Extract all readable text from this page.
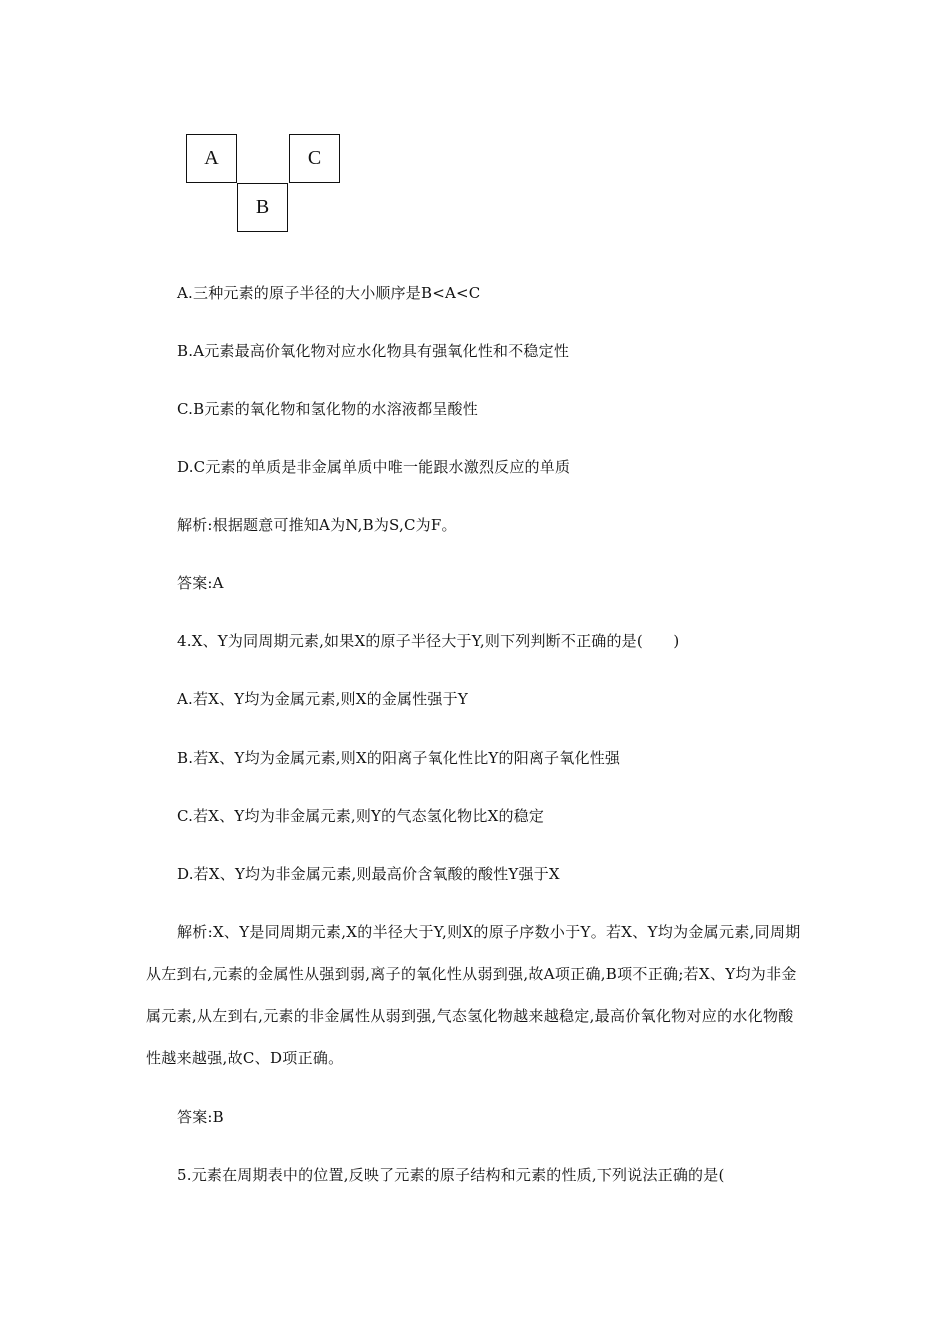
A	C
B
A.三种元素的原子半径的大小顺序是B<A<C
B.A元素最高价氧化物对应水化物具有强氧化性和不稳定性
C.B元素的氧化物和氢化物的水溶液都呈酸性
D.C元素的单质是非金属单质中唯一能跟水激烈反应的单质
解析:根据题意可推知A为N,B为S,C为F。
答案:A
4.X、Y为同周期元素,如果X的原子半径大于Y,则下列判断不正确的是(　　)
A.若X、Y均为金属元素,则X的金属性强于Y
B.若X、Y均为金属元素,则X的阳离子氧化性比Y的阳离子氧化性强
C.若X、Y均为非金属元素,则Y的气态氢化物比X的稳定
D.若X、Y均为非金属元素,则最高价含氧酸的酸性Y强于X
解析:X、Y是同周期元素,X的半径大于Y,则X的原子序数小于Y。若X、Y均为金属元素,同周期从左到右,元素的金属性从强到弱,离子的氧化性从弱到强,故A项正确,B项不正确;若X、Y均为非金属元素,从左到右,元素的非金属性从弱到强,气态氢化物越来越稳定,最高价氧化物对应的水化物酸性越来越强,故C、D项正确。
答案:B
5.元素在周期表中的位置,反映了元素的原子结构和元素的性质,下列说法正确的是(
